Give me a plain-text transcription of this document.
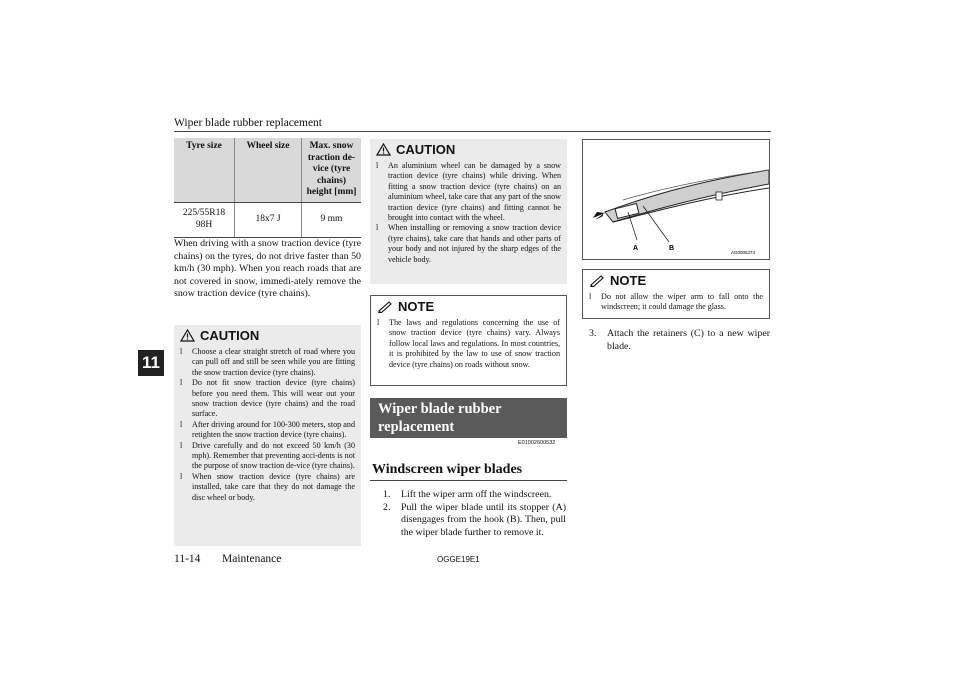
Wiper blade rubber replacement
11
Tyre size	Wheel size	Max. snow traction de-vice (tyre chains) height [mm]
225/55R18 98H	18x7 J	9 mm
When driving with a snow traction device (tyre chains) on the tyres, do not drive faster than 50 km/h (30 mph). When you reach roads that are not covered in snow, immedi-ately remove the snow traction device (tyre chains).
CAUTION
l Choose a clear straight stretch of road where you can pull off and still be seen while you are fitting the snow traction device (tyre chains).
l Do not fit snow traction device (tyre chains) before you need them. This will wear out your snow traction device (tyre chains) and the road surface.
l After driving around for 100-300 meters, stop and retighten the snow traction device (tyre chains).
l Drive carefully and do not exceed 50 km/h (30 mph). Remember that preventing acci-dents is not the purpose of snow traction de-vice (tyre chains).
l When snow traction device (tyre chains) are installed, take care that they do not damage the disc wheel or body.
CAUTION
l An aluminium wheel can be damaged by a snow traction device (tyre chains) while driving. When fitting a snow traction device (tyre chains) on an aluminium wheel, take care that any part of the snow traction device (tyre chains) and fitting cannot be brought into contact with the wheel.
l When installing or removing a snow traction device (tyre chains), take care that hands and other parts of your body and not injured by the sharp edges of the vehicle body.
NOTE
l The laws and regulations concerning the use of snow traction device (tyre chains) vary. Always follow local laws and regulations. In most countries, it is prohibited by the law to use of snow traction device (tyre chains) on roads without snow.
Wiper blade rubber replacement
E01002600532
Windscreen wiper blades
1. Lift the wiper arm off the windscreen.
2. Pull the wiper blade until its stopper (A) disengages from the hook (B). Then, pull the wiper blade further to remove it.
A	B
AG0005274
NOTE
l Do not allow the wiper arm to fall onto the windscreen; it could damage the glass.
3. Attach the retainers (C) to a new wiper blade.
11-14 Maintenance	OGGE19E1
